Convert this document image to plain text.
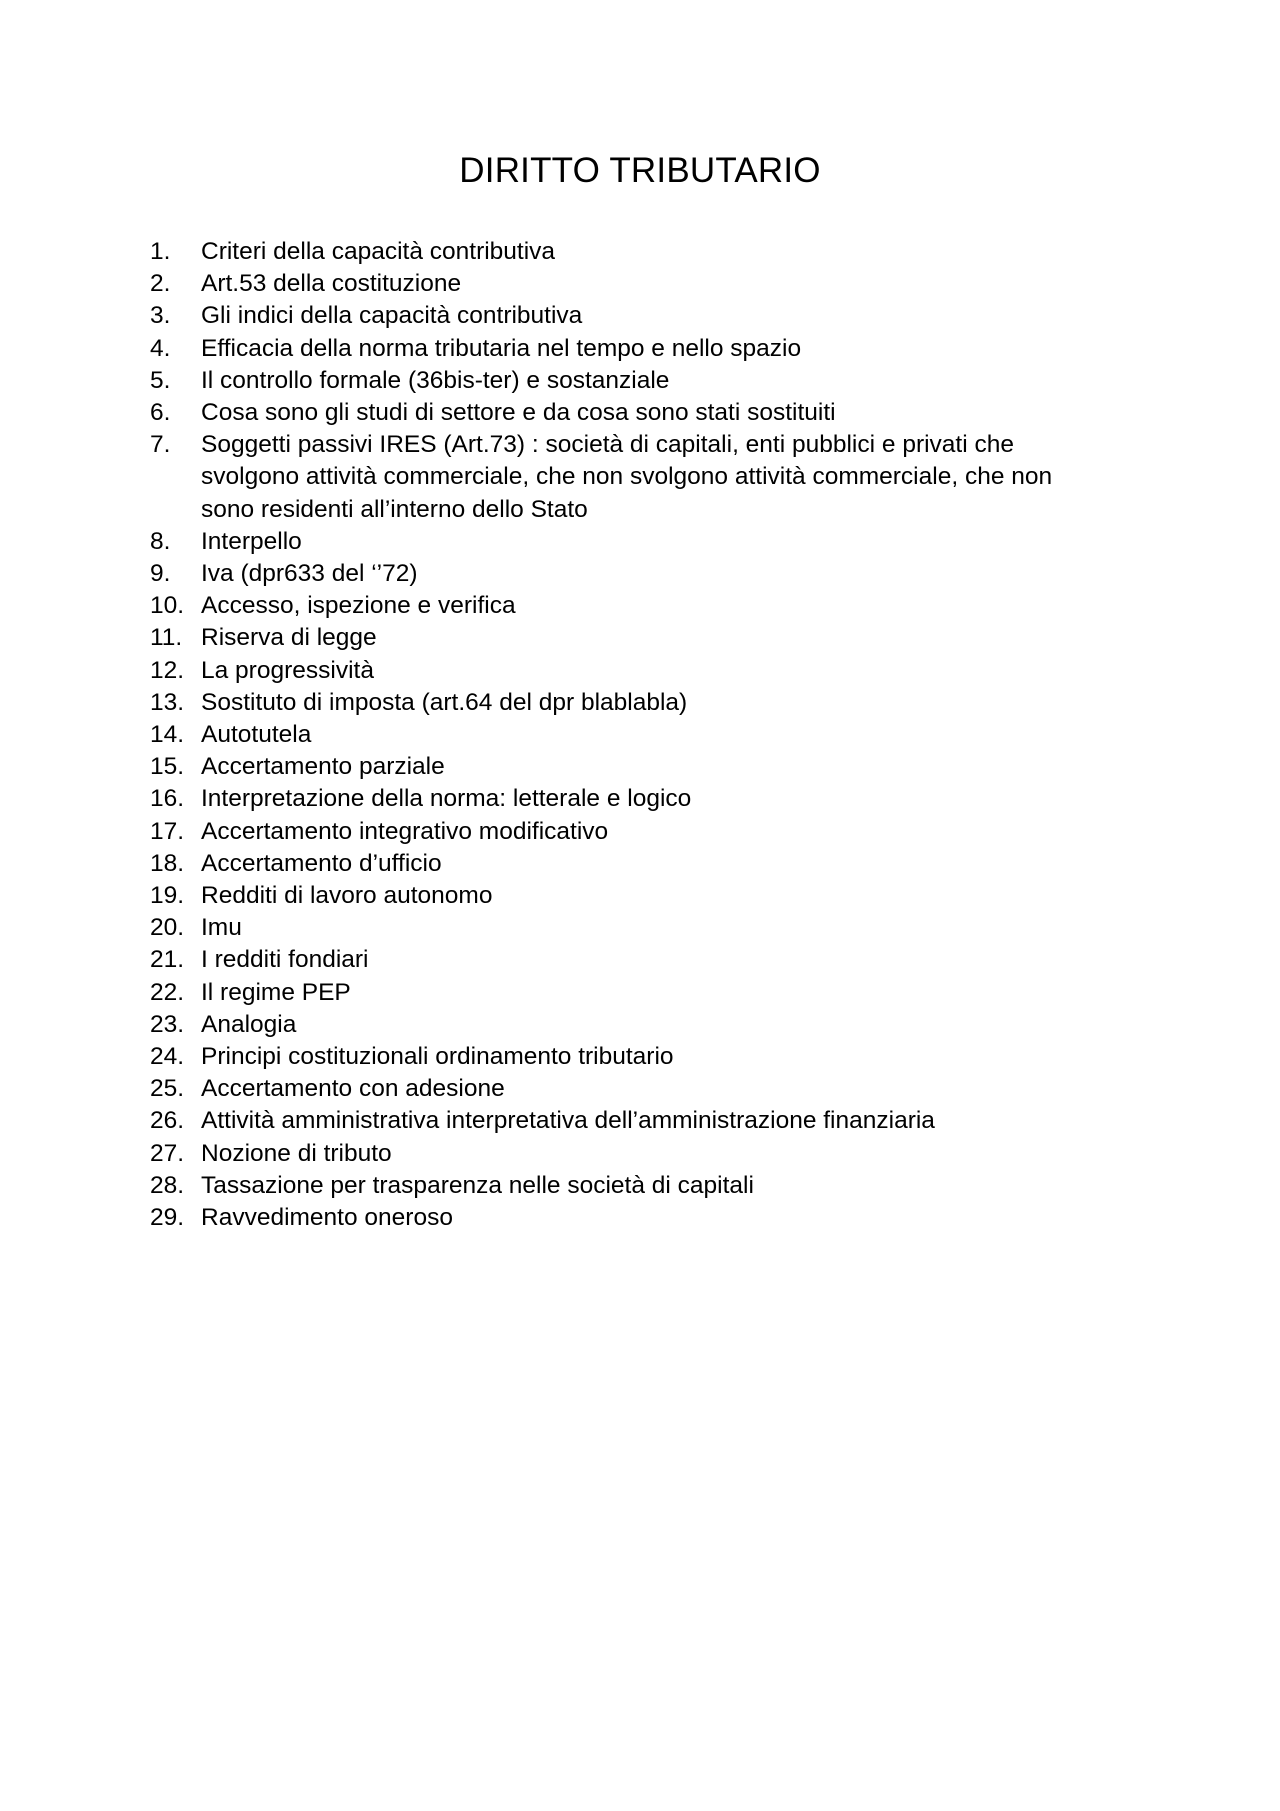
DIRITTO TRIBUTARIO
1.	Criteri della capacità contributiva
2.	Art.53 della costituzione
3.	Gli indici della capacità contributiva
4.	Efficacia della norma tributaria nel tempo e nello spazio
5.	Il controllo formale (36bis-ter) e sostanziale
6.	Cosa sono gli studi di settore e da cosa sono stati sostituiti
7.	Soggetti passivi IRES (Art.73) : società di capitali, enti pubblici e privati che
svolgono attività commerciale, che non svolgono attività commerciale, che non
sono residenti all’interno dello Stato
8.	Interpello
9.	Iva (dpr633 del ‘’72)
10. Accesso, ispezione e verifica
11. Riserva di legge
12. La progressività
13. Sostituto di imposta (art.64 del dpr blablabla)
14. Autotutela
15. Accertamento parziale
16. Interpretazione della norma: letterale e logico
17. Accertamento integrativo modificativo
18. Accertamento d’ufficio
19. Redditi di lavoro autonomo
20. Imu
21. I redditi fondiari
22. Il regime PEP
23. Analogia
24. Principi costituzionali ordinamento tributario
25. Accertamento con adesione
26. Attività amministrativa interpretativa dell’amministrazione finanziaria
27. Nozione di tributo
28. Tassazione per trasparenza nelle società di capitali
29. Ravvedimento oneroso
